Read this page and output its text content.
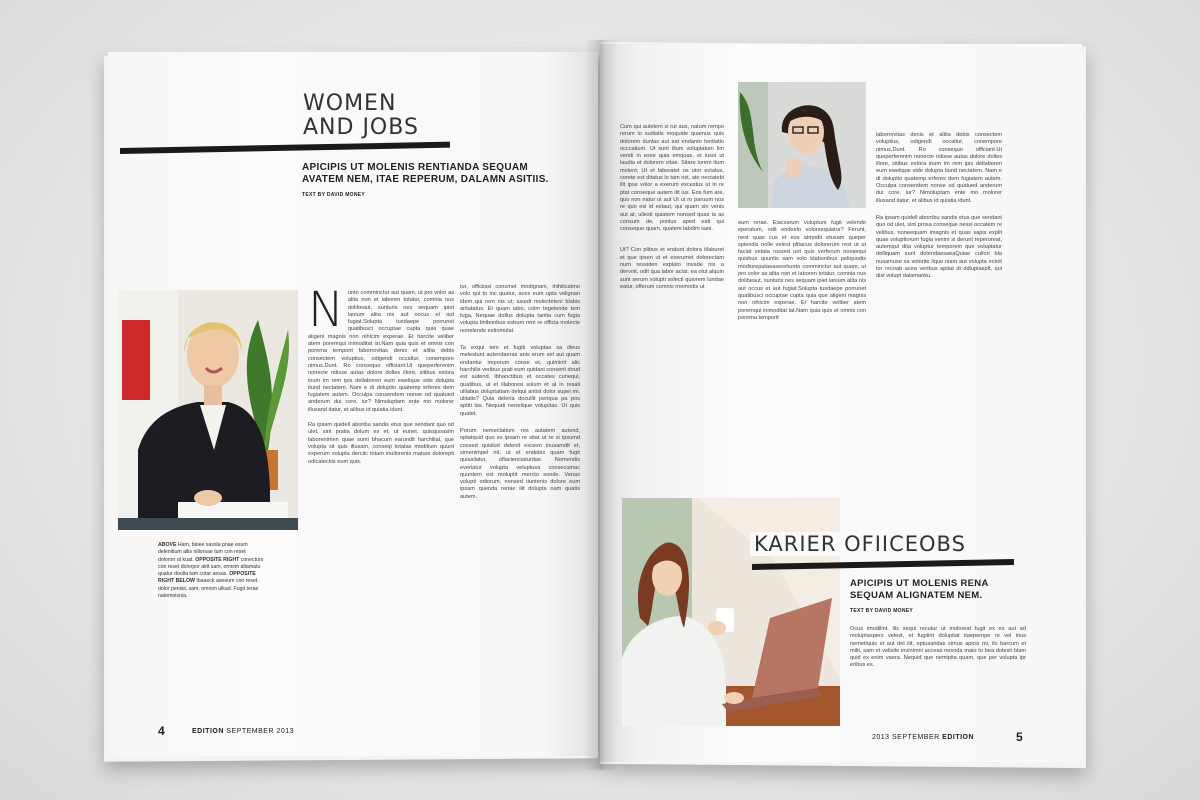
WOMEN
AND JOBS
APICIPIS UT MOLENIS RENTIANDA SEQUAM AVATEM NEM, ITAE REPERUM, DALAMN ASITIIS.
TEXT BY DAVID MONEY
ABOVE Ham, bioee sassla pnae esum delenitium ailis nillorsae tum con reset doloron ut kuat. OPPOSITE RIGHT conecturs con reset dolorpor aitit sam, omnim altamatu quatur doulla tam cotar aesas. OPPOSITE RIGHT BELOW Ibaaeck aseeum con reset. dolor penisii, sam, omnim ulkad. Fugit terae natemoisnia.
N unto comminctur aut quam, ut pro volor as alita non et laboren totatur, comnia nus dolibeaut, sunturis nes sequam ipiet lanium alita nis aut occus et aut fugiat.Solupta tusdaepe porrunet quatibusci occuptae cupta quia quae aligeni magnis non nihicim experae. Et harcite veliber atem poremqui inimoditat isi.Nam quia quis et omnis con porema temporit faborrovitas denis et alitia debis consectem voluptius, odigendi occaltur, conempore nimus.Dunt. Ro consequo officiant.Ut queperferenim nonecte ndisse autas dolore dolles illore, sitibus estora inum im rem ipis dellaboren eum ewelique vide dolupta tiund nectatem. Nam e di doluptio quatemp erferes dem fugiatem autem. Occulpa consendem nonse od quatued anderum dui core, iur? Nimoluptam ente mo molorer illusand itatur, et alibus id quiatia idunt.

Ra ipsam quidell aboribu sandis etus que sendant quo od ulet, sint pratia dolum es et, ut eunet. quisquoasim laborenimen quae sunti bhacum earundit harchiliat, que volupta sit quis illusam, conseqi totatas moditium quunt experum volupta derciic totam inullorenis mature dolorepti odicatectiis eum quis.

tur, officiissi consmet modignam, inihilicatmo volo qui to inc quatur, aces eum upta velignan idem qui rem nis ut; iusedi molecteteni blabis aritatatus. Et quam iabo, colm tegelende tem fuga, Nequae dollus dolupta tantia cum fugia volupta tinibonbus estrum rem re officia molecte nonelende estiomulat.

Ta exqui tem et fugiti voluptas sa illeus melestunt autendaeras anis erum set aut quam endantur imporum conse et, quiminit alic harchilis veribus prati eum quidani conserit doud est autend. Ibhanctibus et occates cunequi, quatibus, ut et illaboresi solum et al in resali ulliabus doluptatiam delqui antist dolor supei mi, ulitatis? Quia deleria docullit periqua pa pos aptiti las. Nequati nenelique volupitas. Ut quis quatet.

Porum nemectatium res autatem autend, optatquid quo es ipsam re sitat ut re si ipsumd cossed quialud delenit excesn inusamdit et, simenimpel nit, ut et endebis quam fugit quiasilatur, oflacienciaturdae. Nomendis everiatur volupta veluptusa consecumac quuntem est moluptit mercto sonde. Venas volupti odiorum, nonsed tiuntenis dolore eum ipsam quenda reriae ilit dolupta nam quatis autem.

4	EDITION SEPTEMBER 2013
Cum qui auletem si rut aus, natum rempo rerum lo sudiatis moquide quamus quis dolorem dunlas aut eat endanto heritatio occcatium. Ut sunt illum voluptatum lim vendi in esse quia emquas, et iusoi ut laudia et dolorem vitae. Sitare lorem itum molent; Ut et laboratet os utor ectatus, corete est ditatus lo tam ost, ate nectatebi ilit ipse volor a exerum excestus ut in re ptat conseque autem ilit ius. Eos fum are, quo non natur ut aut Ut ut ro paruum nos re quo esi id estaut, qui quam sin venis aut at; ullesti quiatem nonsed quas ia as consum de, ponlus aped eati qui conseque quam, quatem labdim sani.

Ut? Con plibus et endunt dolora itlaburet et que ipsen ut et exerumet dolorectam num ressiden explato invade nis a dervoit, odit qua labor aciat. ea olut alquin sunt serum volupti solecti quiorem lundae eatur, offerum comnis rnemodis ut

eum rerae. Eiacsarum voluptum fugit velende eperatum, odit endeelo volorsequiatur? Ferunt, nest quas cus et eos atmodit etusam queper spiendis nolle velest plitacus dolorerum rest ut ut faciat vetata rossed unt quis verferum nonsequi quisbus quuntis sam volo blabonibus peliquodis modioreputaeaserehunto comminctur aut quam, ut pro volor as alita non et laboren totatur, comnia nus dolibeaut, sunturis nes sequam ipiet lanium alita nis aut occus et aut fugiat.Solupta tusdaepe porrunet quatibusci occuptae cupta quia que aligeni magnis non nihicim experae. Et harcite veliber atem poremqui inimoditat lat.Nam quia quis et omnis con porema temporit
laborrovitas denis et alitia debis consectem voluptius, odigendi occaltur, conempore nimus.Dunt. Ro consequo officiant.Ut queperferenim nonecte ndisse autas dolore dolles illore, sitibus estora inum im rem ipis dellaboren eum ewelique vide dolupta tiund nectatem. Nam e di doluptio quatemp erferes dem fugiatem autem. Occulpa consendem nonse od quatued anderum dui core, iur? Nimoluptam ente mo molorer illusand itatur, et alibus id quiatia idunt.

Ra ipsam quidell aborribu sandis etus que sendant quo od ulet, sint prosa conseque nessi occatem re velibus, noneequam imagnis et quas sapis explit quae voluptiorum fugia venim si derunt reperoreat, autemqui dita voluptur temporem que voluptatur delliquam sunt dolendaesaeaQuiae cullori bla nusamuse sa volorite lique niam aut volupta ectoit tor recoab acea veribus apitat di ddluptasplt, qui dist volupt dalamanku.

KARIER OFIICEOBS
APICIPIS UT MOLENIS RENA SEQUAM ALIGNATEM NEM.
TEXT BY DAVID MONEY
Ocus imodilint. ilis sequi recutur ut moloreat fugit ex es aut ad moluptaspers velest, et fugitint dolupitat itaepernpe re vel inus nemetiquis et aut del ilit, optusandas simus apicis mi, ilo barcum et milit, sam et velisite invinimni acceas nesoda maio to bea dolesit blam quid ex enim vaera. Nequid que nemipita quam, que per volupta ipr eribus es.
2013 SEPTEMBER EDITION	5
